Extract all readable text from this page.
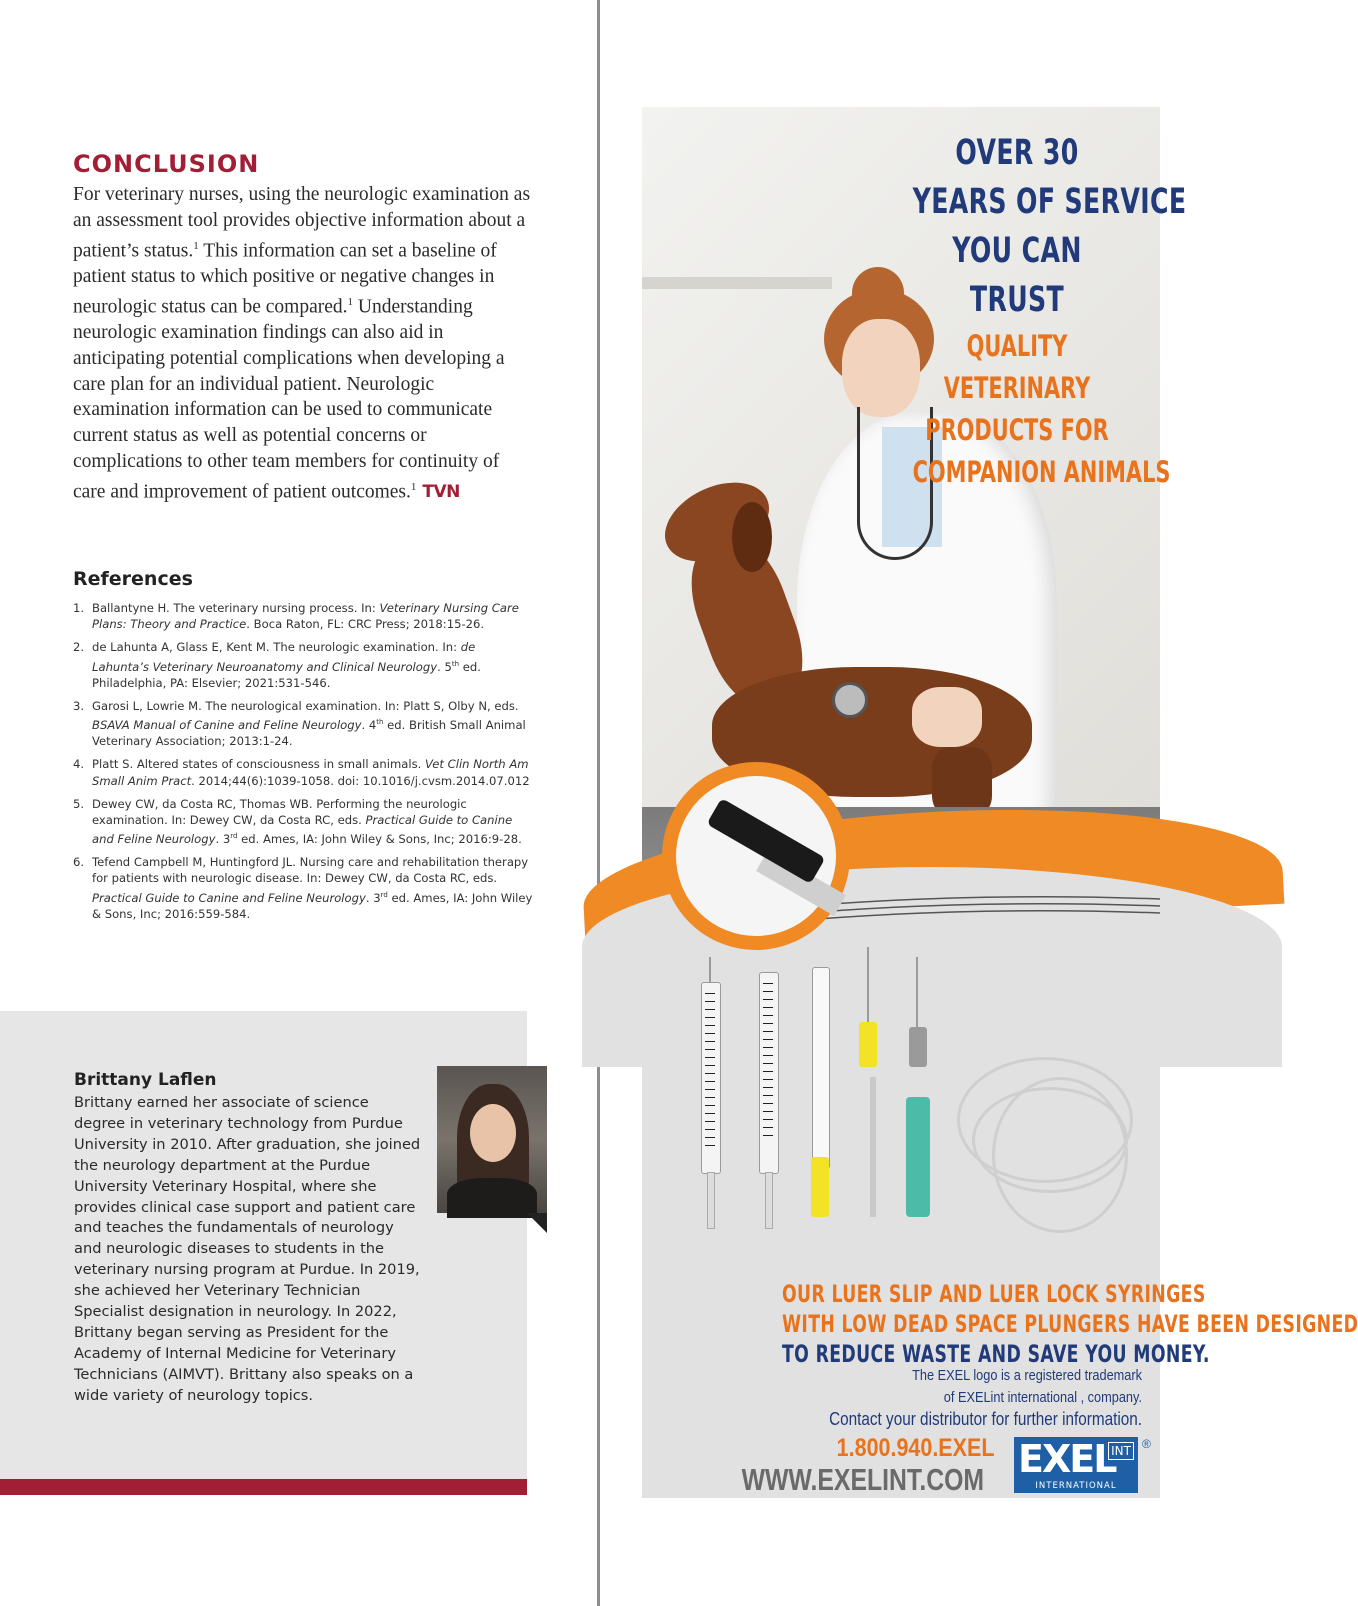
CONCLUSION

For veterinary nurses, using the neurologic examination as an assessment tool provides objective information about a patient’s status.$^1$ This information can set a baseline of patient status to which positive or negative changes in neurologic status can be compared.$^1$ Understanding neurologic examination findings can also aid in anticipating potential complications when developing a care plan for an individual patient. Neurologic examination information can be used to communicate current status as well as potential concerns or complications to other team members for continuity of care and improvement of patient outcomes.$^1$ TVN

References
1. Ballantyne H. The veterinary nursing process. In: Veterinary Nursing Care Plans: Theory and Practice. Boca Raton, FL: CRC Press; 2018:15-26.
2. de Lahunta A, Glass E, Kent M. The neurologic examination. In: de Lahunta’s Veterinary Neuroanatomy and Clinical Neurology. 5th ed. Philadelphia, PA: Elsevier; 2021:531-546.
3. Garosi L, Lowrie M. The neurological examination. In: Platt S, Olby N, eds. BSAVA Manual of Canine and Feline Neurology. 4th ed. British Small Animal Veterinary Association; 2013:1-24.
4. Platt S. Altered states of consciousness in small animals. Vet Clin North Am Small Anim Pract. 2014;44(6):1039-1058. doi: 10.1016/j.cvsm.2014.07.012
5. Dewey CW, da Costa RC, Thomas WB. Performing the neurologic examination. In: Dewey CW, da Costa RC, eds. Practical Guide to Canine and Feline Neurology. 3rd ed. Ames, IA: John Wiley & Sons, Inc; 2016:9-28.
6. Tefend Campbell M, Huntingford JL. Nursing care and rehabilitation therapy for patients with neurologic disease. In: Dewey CW, da Costa RC, eds. Practical Guide to Canine and Feline Neurology. 3rd ed. Ames, IA: John Wiley & Sons, Inc; 2016:559-584.
Brittany Laflen

Brittany earned her associate of science degree in veterinary technology from Purdue University in 2010. After graduation, she joined the neurology department at the Purdue University Veterinary Hospital, where she provides clinical case support and patient care and teaches the fundamentals of neurology and neurologic diseases to students in the veterinary nursing program at Purdue. In 2019, she achieved her Veterinary Technician Specialist designation in neurology. In 2022, Brittany began serving as President for the Academy of Internal Medicine for Veterinary Technicians (AIMVT). Brittany also speaks on a wide variety of neurology topics.

OVER 30
YEARS OF SERVICE
YOU CAN
TRUST
QUALITY
VETERINARY
PRODUCTS FOR
COMPANION ANIMALS
OUR LUER SLIP AND LUER LOCK SYRINGES
WITH LOW DEAD SPACE PLUNGERS HAVE BEEN DESIGNED
TO REDUCE WASTE AND SAVE YOU MONEY.
The EXEL logo is a registered trademark
of EXELint international , company.
Contact your distributor for further information.
1.800.940.EXEL
WWW.EXELINT.COM EXEL
INT
INTERNATIONAL
®
